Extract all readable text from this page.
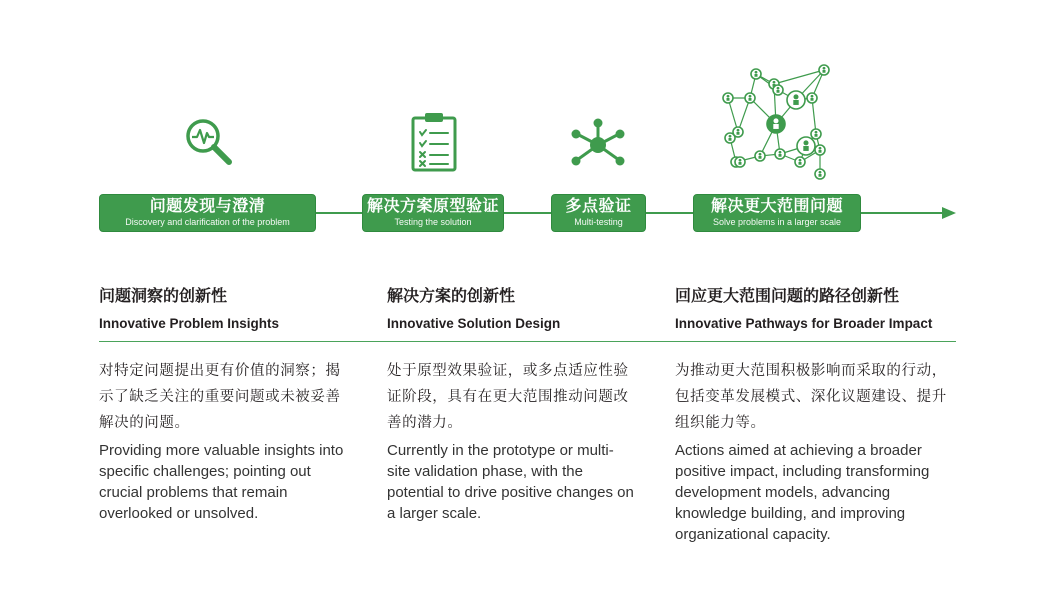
问题发现与澄清
Discovery and clarification of the problem
解决方案原型验证
Testing the solution
多点验证
Multi-testing
解决更大范围问题
Solve problems in a larger scale
问题洞察的创新性
Innovative Problem Insights
对特定问题提出更有价值的洞察；揭示了缺乏关注的重要问题或未被妥善解决的问题。
Providing more valuable insights into specific challenges; pointing out crucial problems that remain overlooked or unsolved.
解决方案的创新性
Innovative Solution Design
处于原型效果验证，或多点适应性验证阶段，具有在更大范围推动问题改善的潜力。
Currently in the prototype or multi-site validation phase, with the potential to drive positive changes on a larger scale.
回应更大范围问题的路径创新性
Innovative Pathways for Broader Impact
为推动更大范围积极影响而采取的行动，包括变革发展模式、深化议题建设、提升组织能力等。
Actions aimed at achieving a broader positive impact, including transforming development models, advancing knowledge building, and improving organizational capacity.
